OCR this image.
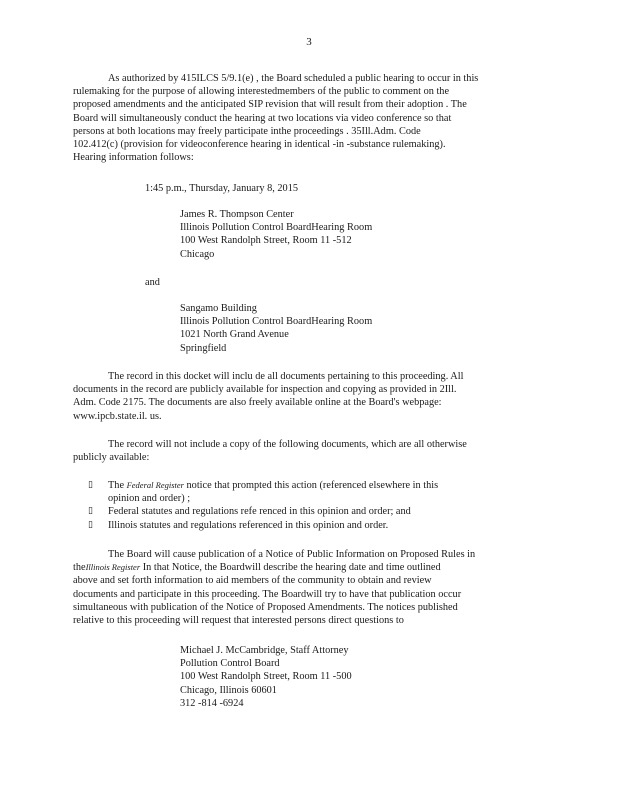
3
As authorized by 415ILCS 5/9.1(e) , the Board scheduled a public hearing to occur in this
rulemaking for the purpose of allowing interestedmembers of the public to comment on the
proposed amendments and the anticipated SIP revision that will result from their adoption . The
Board will simultaneously conduct the hearing at two locations via video conference so that
persons at both locations may freely participate inthe proceedings . 35Ill.Adm. Code
102.412(c) (provision for videoconference hearing in identical -in -substance rulemaking).
Hearing information follows:
1:45 p.m., Thursday, January 8, 2015
James R. Thompson Center
Illinois Pollution Control BoardHearing Room
100 West Randolph Street, Room 11 -512
Chicago
and
Sangamo Building
Illinois Pollution Control BoardHearing Room
1021 North Grand Avenue
Springfield
The record in this docket will inclu de all documents pertaining to this proceeding. All
documents in the record are publicly available for inspection and copying as provided in 2Ill.
Adm. Code 2175. The documents are also freely available online at the Board's webpage:
www.ipcb.state.il. us.
The record will not include a copy of the following documents, which are all otherwise
publicly available:
▯ The Federal Register notice that prompted this action (referenced elsewhere in this
opinion and order) ;
▯ Federal statutes and regulations refe renced in this opinion and order; and
▯ Illinois statutes and regulations referenced in this opinion and order.
The Board will cause publication of a Notice of Public Information on Proposed Rules in
theIllinois Register In that Notice, the Boardwill describe the hearing date and time outlined
above and set forth information to aid members of the community to obtain and review
documents and participate in this proceeding. The Boardwill try to have that publication occur
simultaneous with publication of the Notice of Proposed Amendments. The notices published
relative to this proceeding will request that interested persons direct questions to
Michael J. McCambridge, Staff Attorney
Pollution Control Board
100 West Randolph Street, Room 11 -500
Chicago, Illinois 60601
312 -814 -6924
